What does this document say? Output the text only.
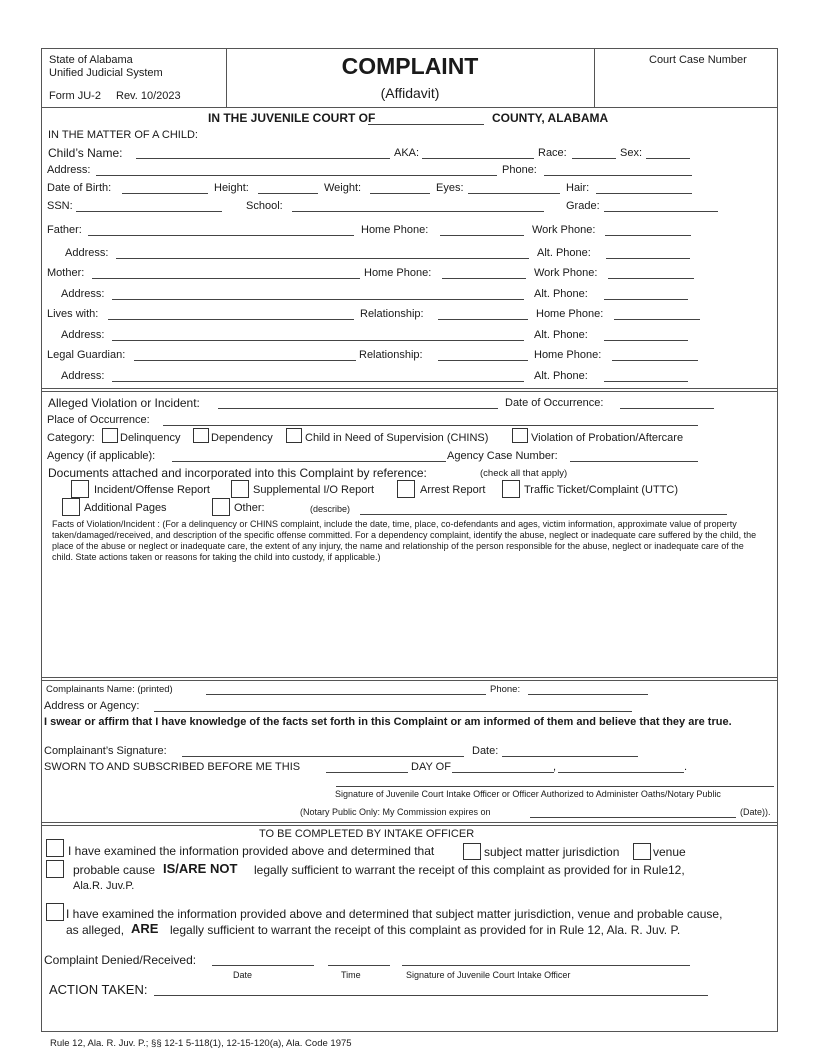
State of Alabama
Unified Judicial System
Form JU-2 Rev. 10/2023
COMPLAINT
(Affidavit)
Court Case Number
IN THE JUVENILE COURT OF	COUNTY, ALABAMA
IN THE MATTER OF A CHILD:
Child’s Name:	AKA:	Race:	Sex:
Address:	Phone:
Date of Birth:	Height:	Weight:	Eyes:	Hair:
SSN:	School:	Grade:
Father:	Home Phone:	Work Phone:
Address:	Alt. Phone:
Mother:	Home Phone:	Work Phone:
Address:	Alt. Phone:
Lives with:	Relationship:	Home Phone:
Address:	Alt. Phone:
Legal Guardian:	Relationship:	Home Phone:
Address:	Alt. Phone:
Alleged Violation or Incident:	Date of Occurrence:
Place of Occurrence:
Category: Delinquency	Dependency	Child in Need of Supervision (CHINS)	Violation of Probation/Aftercare
Agency (if applicable):	Agency Case Number:
Documents attached and incorporated into this Complaint by reference:	(check all that apply)
Incident/Offense Report	Supplemental I/O Report	Arrest Report	Traffic Ticket/Complaint (UTTC)
Additional Pages	Other:	(describe)
Facts of Violation/Incident : (For a delinquency or CHINS complaint, include the date, time, place, co-defendants and ages, victim information, approximate value of property taken/damaged/received, and description of the specific offense committed. For a dependency complaint, identify the abuse, neglect or inadequate care suffered by the child, the place of the abuse or neglect or inadequate care, the extent of any injury, the name and relationship of the person responsible for the abuse, neglect or inadequate care of the child. State actions taken or reasons for taking the child into custody, if applicable.)
Complainants Name: (printed)	Phone:
Address or Agency:
I swear or affirm that I have knowledge of the facts set forth in this Complaint or am informed of them and believe that they are true.
Complainant’s Signature:	Date:
SWORN TO AND SUBSCRIBED BEFORE ME THIS	DAY OF	,	.
Signature of Juvenile Court Intake Officer or Officer Authorized to Administer Oaths/Notary Public
(Notary Public Only: My Commission expires on	(Date)).
TO BE COMPLETED BY INTAKE OFFICER
I have examined the information provided above and determined that	subject matter jurisdiction	venue
probable cause IS/ARE NOT legally sufficient to warrant the receipt of this complaint as provided for in Rule12,
Ala.R. Juv.P.
I have examined the information provided above and determined that subject matter jurisdiction, venue and probable cause,
as alleged, ARE legally sufficient to warrant the receipt of this complaint as provided for in Rule 12, Ala. R. Juv. P.
Complaint Denied/Received:
Date	Time	Signature of Juvenile Court Intake Officer
ACTION TAKEN:
Rule 12, Ala. R. Juv. P.; §§ 12-1 5-118(1), 12-15-120(a), Ala. Code 1975
